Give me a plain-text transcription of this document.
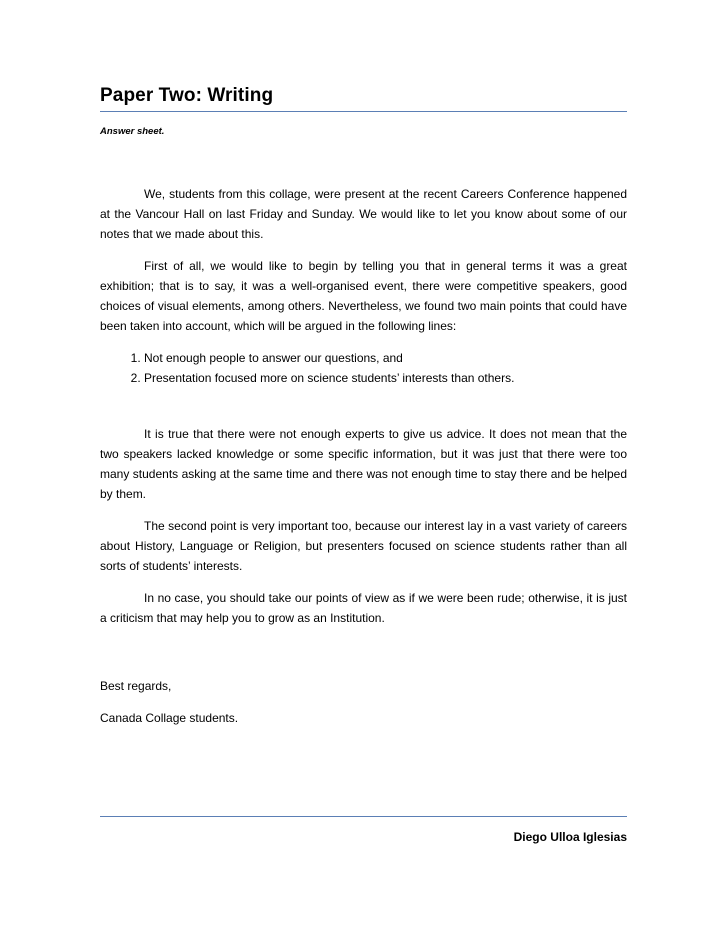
Paper Two: Writing
Answer sheet.

We, students from this collage, were present at the recent Careers Conference happened at the Vancour Hall on last Friday and Sunday. We would like to let you know about some of our notes that we made about this.

First of all, we would like to begin by telling you that in general terms it was a great exhibition; that is to say, it was a well-organised event, there were competitive speakers, good choices of visual elements, among others. Nevertheless, we found two main points that could have been taken into account, which will be argued in the following lines:

1. Not enough people to answer our questions, and
2. Presentation focused more on science students’ interests than others.

It is true that there were not enough experts to give us advice. It does not mean that the two speakers lacked knowledge or some specific information, but it was just that there were too many students asking at the same time and there was not enough time to stay there and be helped by them.

The second point is very important too, because our interest lay in a vast variety of careers about History, Language or Religion, but presenters focused on science students rather than all sorts of students’ interests.

In no case, you should take our points of view as if we were been rude; otherwise, it is just a criticism that may help you to grow as an Institution.

Best regards,
Canada Collage students.
Diego Ulloa Iglesias
